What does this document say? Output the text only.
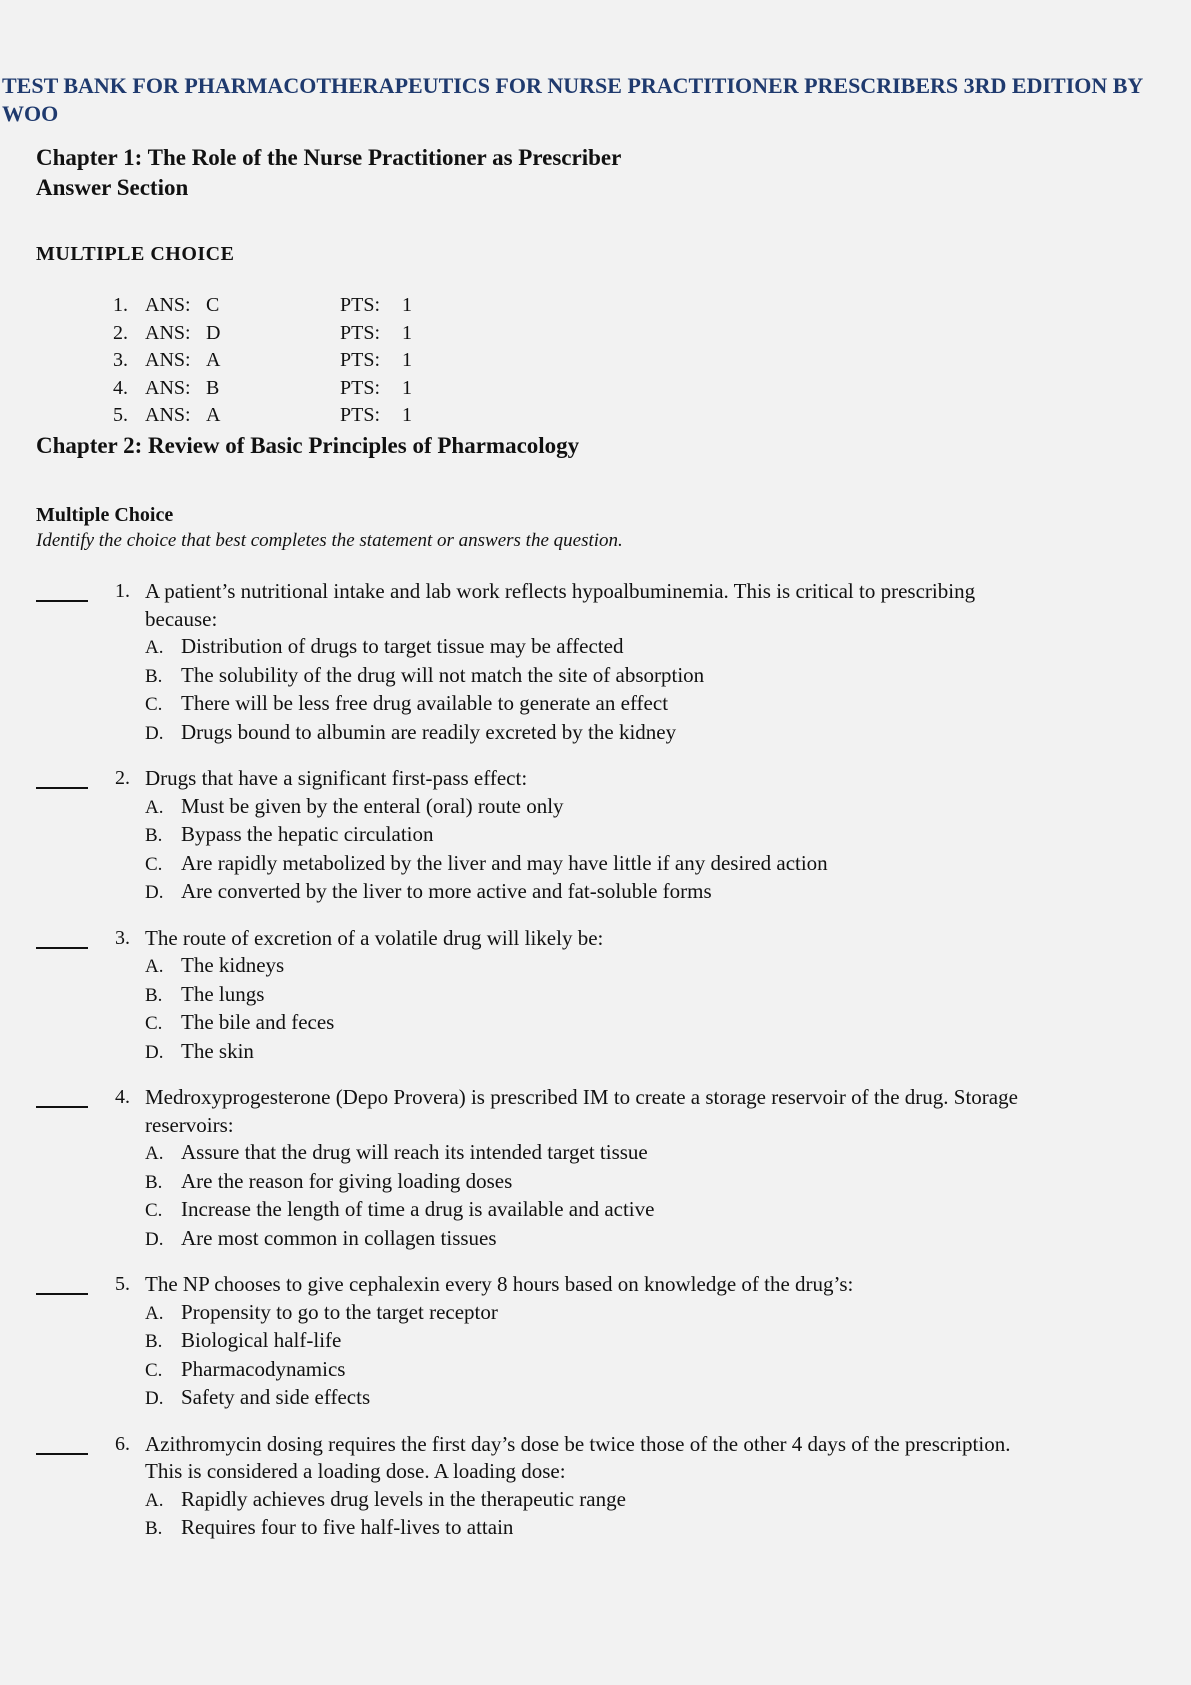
TEST BANK FOR PHARMACOTHERAPEUTICS FOR NURSE PRACTITIONER PRESCRIBERS 3RD EDITION BY WOO
Chapter 1: The Role of the Nurse Practitioner as Prescriber
Answer Section
MULTIPLE CHOICE
1. ANS: C	PTS: 1
2. ANS: D	PTS: 1
3. ANS: A	PTS: 1
4. ANS: B	PTS: 1
5. ANS: A	PTS: 1
Chapter 2: Review of Basic Principles of Pharmacology
Multiple Choice
Identify the choice that best completes the statement or answers the question.
1. A patient’s nutritional intake and lab work reflects hypoalbuminemia. This is critical to prescribing because:
A. Distribution of drugs to target tissue may be affected
B. The solubility of the drug will not match the site of absorption
C. There will be less free drug available to generate an effect
D. Drugs bound to albumin are readily excreted by the kidney
2. Drugs that have a significant first-pass effect:
A. Must be given by the enteral (oral) route only
B. Bypass the hepatic circulation
C. Are rapidly metabolized by the liver and may have little if any desired action
D. Are converted by the liver to more active and fat-soluble forms
3. The route of excretion of a volatile drug will likely be:
A. The kidneys
B. The lungs
C. The bile and feces
D. The skin
4. Medroxyprogesterone (Depo Provera) is prescribed IM to create a storage reservoir of the drug. Storage reservoirs:
A. Assure that the drug will reach its intended target tissue
B. Are the reason for giving loading doses
C. Increase the length of time a drug is available and active
D. Are most common in collagen tissues
5. The NP chooses to give cephalexin every 8 hours based on knowledge of the drug’s:
A. Propensity to go to the target receptor
B. Biological half-life
C. Pharmacodynamics
D. Safety and side effects
6. Azithromycin dosing requires the first day’s dose be twice those of the other 4 days of the prescription. This is considered a loading dose. A loading dose:
A. Rapidly achieves drug levels in the therapeutic range
B. Requires four to five half-lives to attain
